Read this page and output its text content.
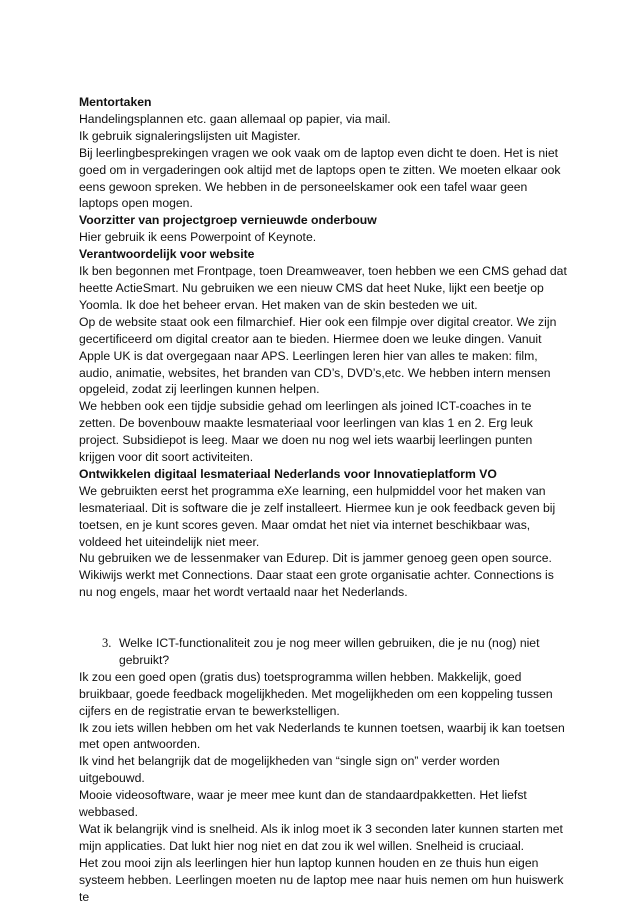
Mentortaken

Handelingsplannen etc. gaan allemaal op papier, via mail.

Ik gebruik signaleringslijsten uit Magister.

Bij leerlingbesprekingen vragen we ook vaak om de laptop even dicht te doen. Het is niet goed om in vergaderingen ook altijd met de laptops open te zitten. We moeten elkaar ook eens gewoon spreken. We hebben in de personeelskamer ook een tafel waar geen laptops open mogen.

Voorzitter van projectgroep vernieuwde onderbouw

Hier gebruik ik eens Powerpoint of Keynote.

Verantwoordelijk voor website

Ik ben begonnen met Frontpage, toen Dreamweaver, toen hebben we een CMS gehad dat heette ActieSmart. Nu gebruiken we een nieuw CMS dat heet Nuke, lijkt een beetje op Yoomla. Ik doe het beheer ervan. Het maken van de skin besteden we uit.

Op de website staat ook een filmarchief. Hier ook een filmpje over digital creator. We zijn gecertificeerd om digital creator aan te bieden. Hiermee doen we leuke dingen. Vanuit Apple UK is dat overgegaan naar APS. Leerlingen leren hier van alles te maken: film, audio, animatie, websites, het branden van CD’s, DVD’s,etc. We hebben intern mensen opgeleid, zodat zij leerlingen kunnen helpen.

We hebben ook een tijdje subsidie gehad om leerlingen als joined ICT-coaches in te zetten. De bovenbouw maakte lesmateriaal voor leerlingen van klas 1 en 2. Erg leuk project. Subsidiepot is leeg. Maar we doen nu nog wel iets waarbij leerlingen punten krijgen voor dit soort activiteiten.

Ontwikkelen digitaal lesmateriaal Nederlands voor Innovatieplatform VO

We gebruikten eerst het programma eXe learning, een hulpmiddel voor het maken van lesmateriaal. Dit is software die je zelf installeert. Hiermee kun je ook feedback geven bij toetsen, en je kunt scores geven. Maar omdat het niet via internet beschikbaar was, voldeed het uiteindelijk niet meer.

Nu gebruiken we de lessenmaker van Edurep. Dit is jammer genoeg geen open source. Wikiwijs werkt met Connections. Daar staat een grote organisatie achter. Connections is nu nog engels, maar het wordt vertaald naar het Nederlands.

3. Welke ICT-functionaliteit zou je nog meer willen gebruiken, die je nu (nog) niet gebruikt?

Ik zou een goed open (gratis dus) toetsprogramma willen hebben. Makkelijk, goed bruikbaar, goede feedback mogelijkheden. Met mogelijkheden om een koppeling tussen cijfers en de registratie ervan te bewerkstelligen.

Ik zou iets willen hebben om het vak Nederlands te kunnen toetsen, waarbij ik kan toetsen met open antwoorden.

Ik vind het belangrijk dat de mogelijkheden van “single sign on” verder worden uitgebouwd.

Mooie videosoftware, waar je meer mee kunt dan de standaardpakketten. Het liefst webbased.

Wat ik belangrijk vind is snelheid. Als ik inlog moet ik 3 seconden later kunnen starten met mijn applicaties. Dat lukt hier nog niet en dat zou ik wel willen. Snelheid is cruciaal.

Het zou mooi zijn als leerlingen hier hun laptop kunnen houden en ze thuis hun eigen systeem hebben. Leerlingen moeten nu de laptop mee naar huis nemen om hun huiswerk te
